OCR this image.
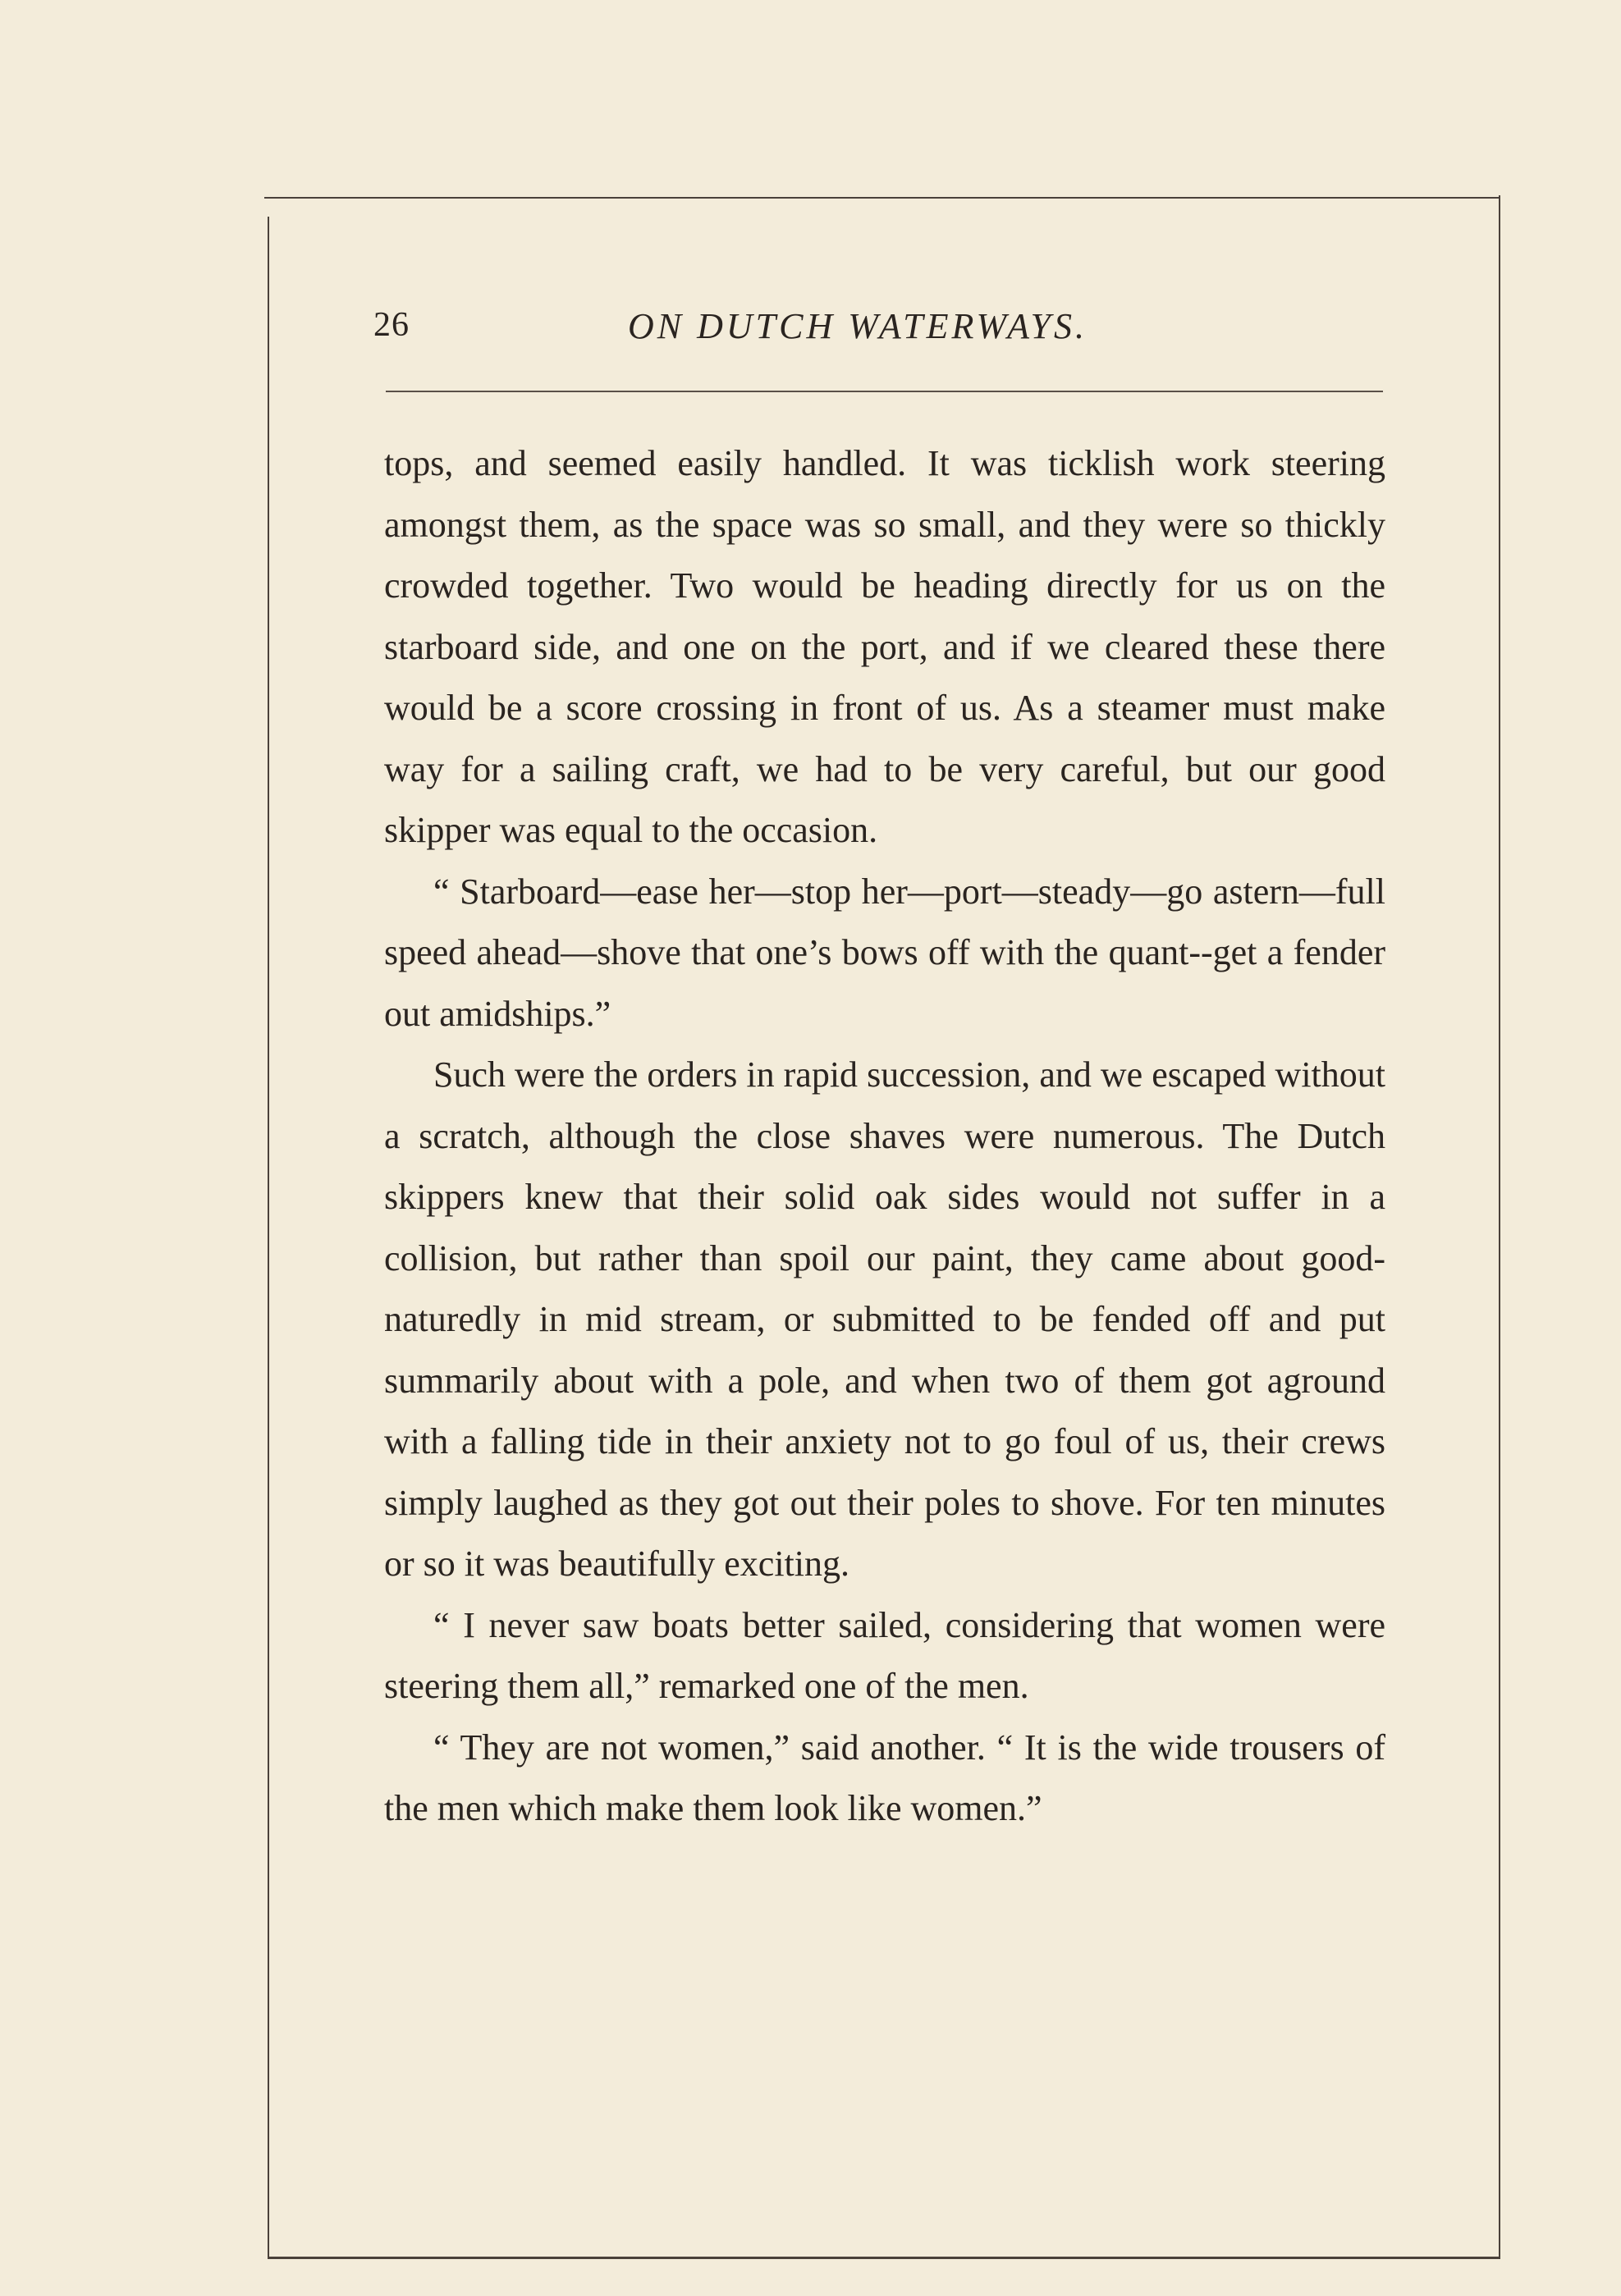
26	ON DUTCH WATERWAYS.

tops, and seemed easily handled. It was ticklish work steering amongst them, as the space was so small, and they were so thickly crowded together. Two would be heading directly for us on the starboard side, and one on the port, and if we cleared these there would be a score crossing in front of us. As a steamer must make way for a sailing craft, we had to be very careful, but our good skipper was equal to the occasion.

“ Starboard—ease her—stop her—port—steady—go astern—full speed ahead—shove that one’s bows off with the quant--get a fender out amidships.”

Such were the orders in rapid succession, and we escaped without a scratch, although the close shaves were numerous. The Dutch skippers knew that their solid oak sides would not suffer in a collision, but rather than spoil our paint, they came about good-naturedly in mid stream, or submitted to be fended off and put summarily about with a pole, and when two of them got aground with a falling tide in their anxiety not to go foul of us, their crews simply laughed as they got out their poles to shove. For ten minutes or so it was beautifully exciting.

“ I never saw boats better sailed, considering that women were steering them all,” remarked one of the men.

“ They are not women,” said another. “ It is the wide trousers of the men which make them look like women.”
